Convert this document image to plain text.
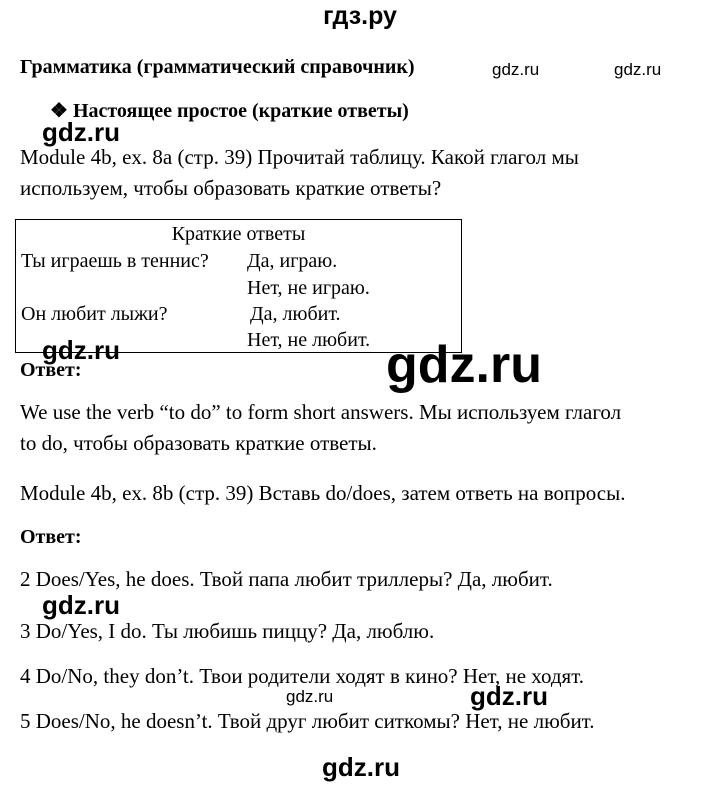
гдз.ру
Грамматика (грамматический справочник)
❖ Настоящее простое (краткие ответы)
Module 4b, ex. 8a (стр. 39) Прочитай таблицу. Какой глагол мы
используем, чтобы образовать краткие ответы?
Краткие ответы
Ты играешь в теннис? Да, играю.
Нет, не играю.
Он любит лыжи?	Да, любит.
Нет, не любит.
Ответ:
We use the verb “to do” to form short answers. Мы используем глагол
to do, чтобы образовать краткие ответы.
Module 4b, ex. 8b (стр. 39) Вставь do/does, затем ответь на вопросы.
Ответ:
2 Does/Yes, he does. Твой папа любит триллеры? Да, любит.
3 Do/Yes, I do. Ты любишь пиццу? Да, люблю.
4 Do/No, they don’t. Твои родители ходят в кино? Нет, не ходят.
5 Does/No, he doesn’t. Твой друг любит ситкомы? Нет, не любит.
gdz.ru	gdz.ru
gdz.ru
gdz.ru	gdz.ru
gdz.ru
gdz.ru	gdz.ru
gdz.ru
